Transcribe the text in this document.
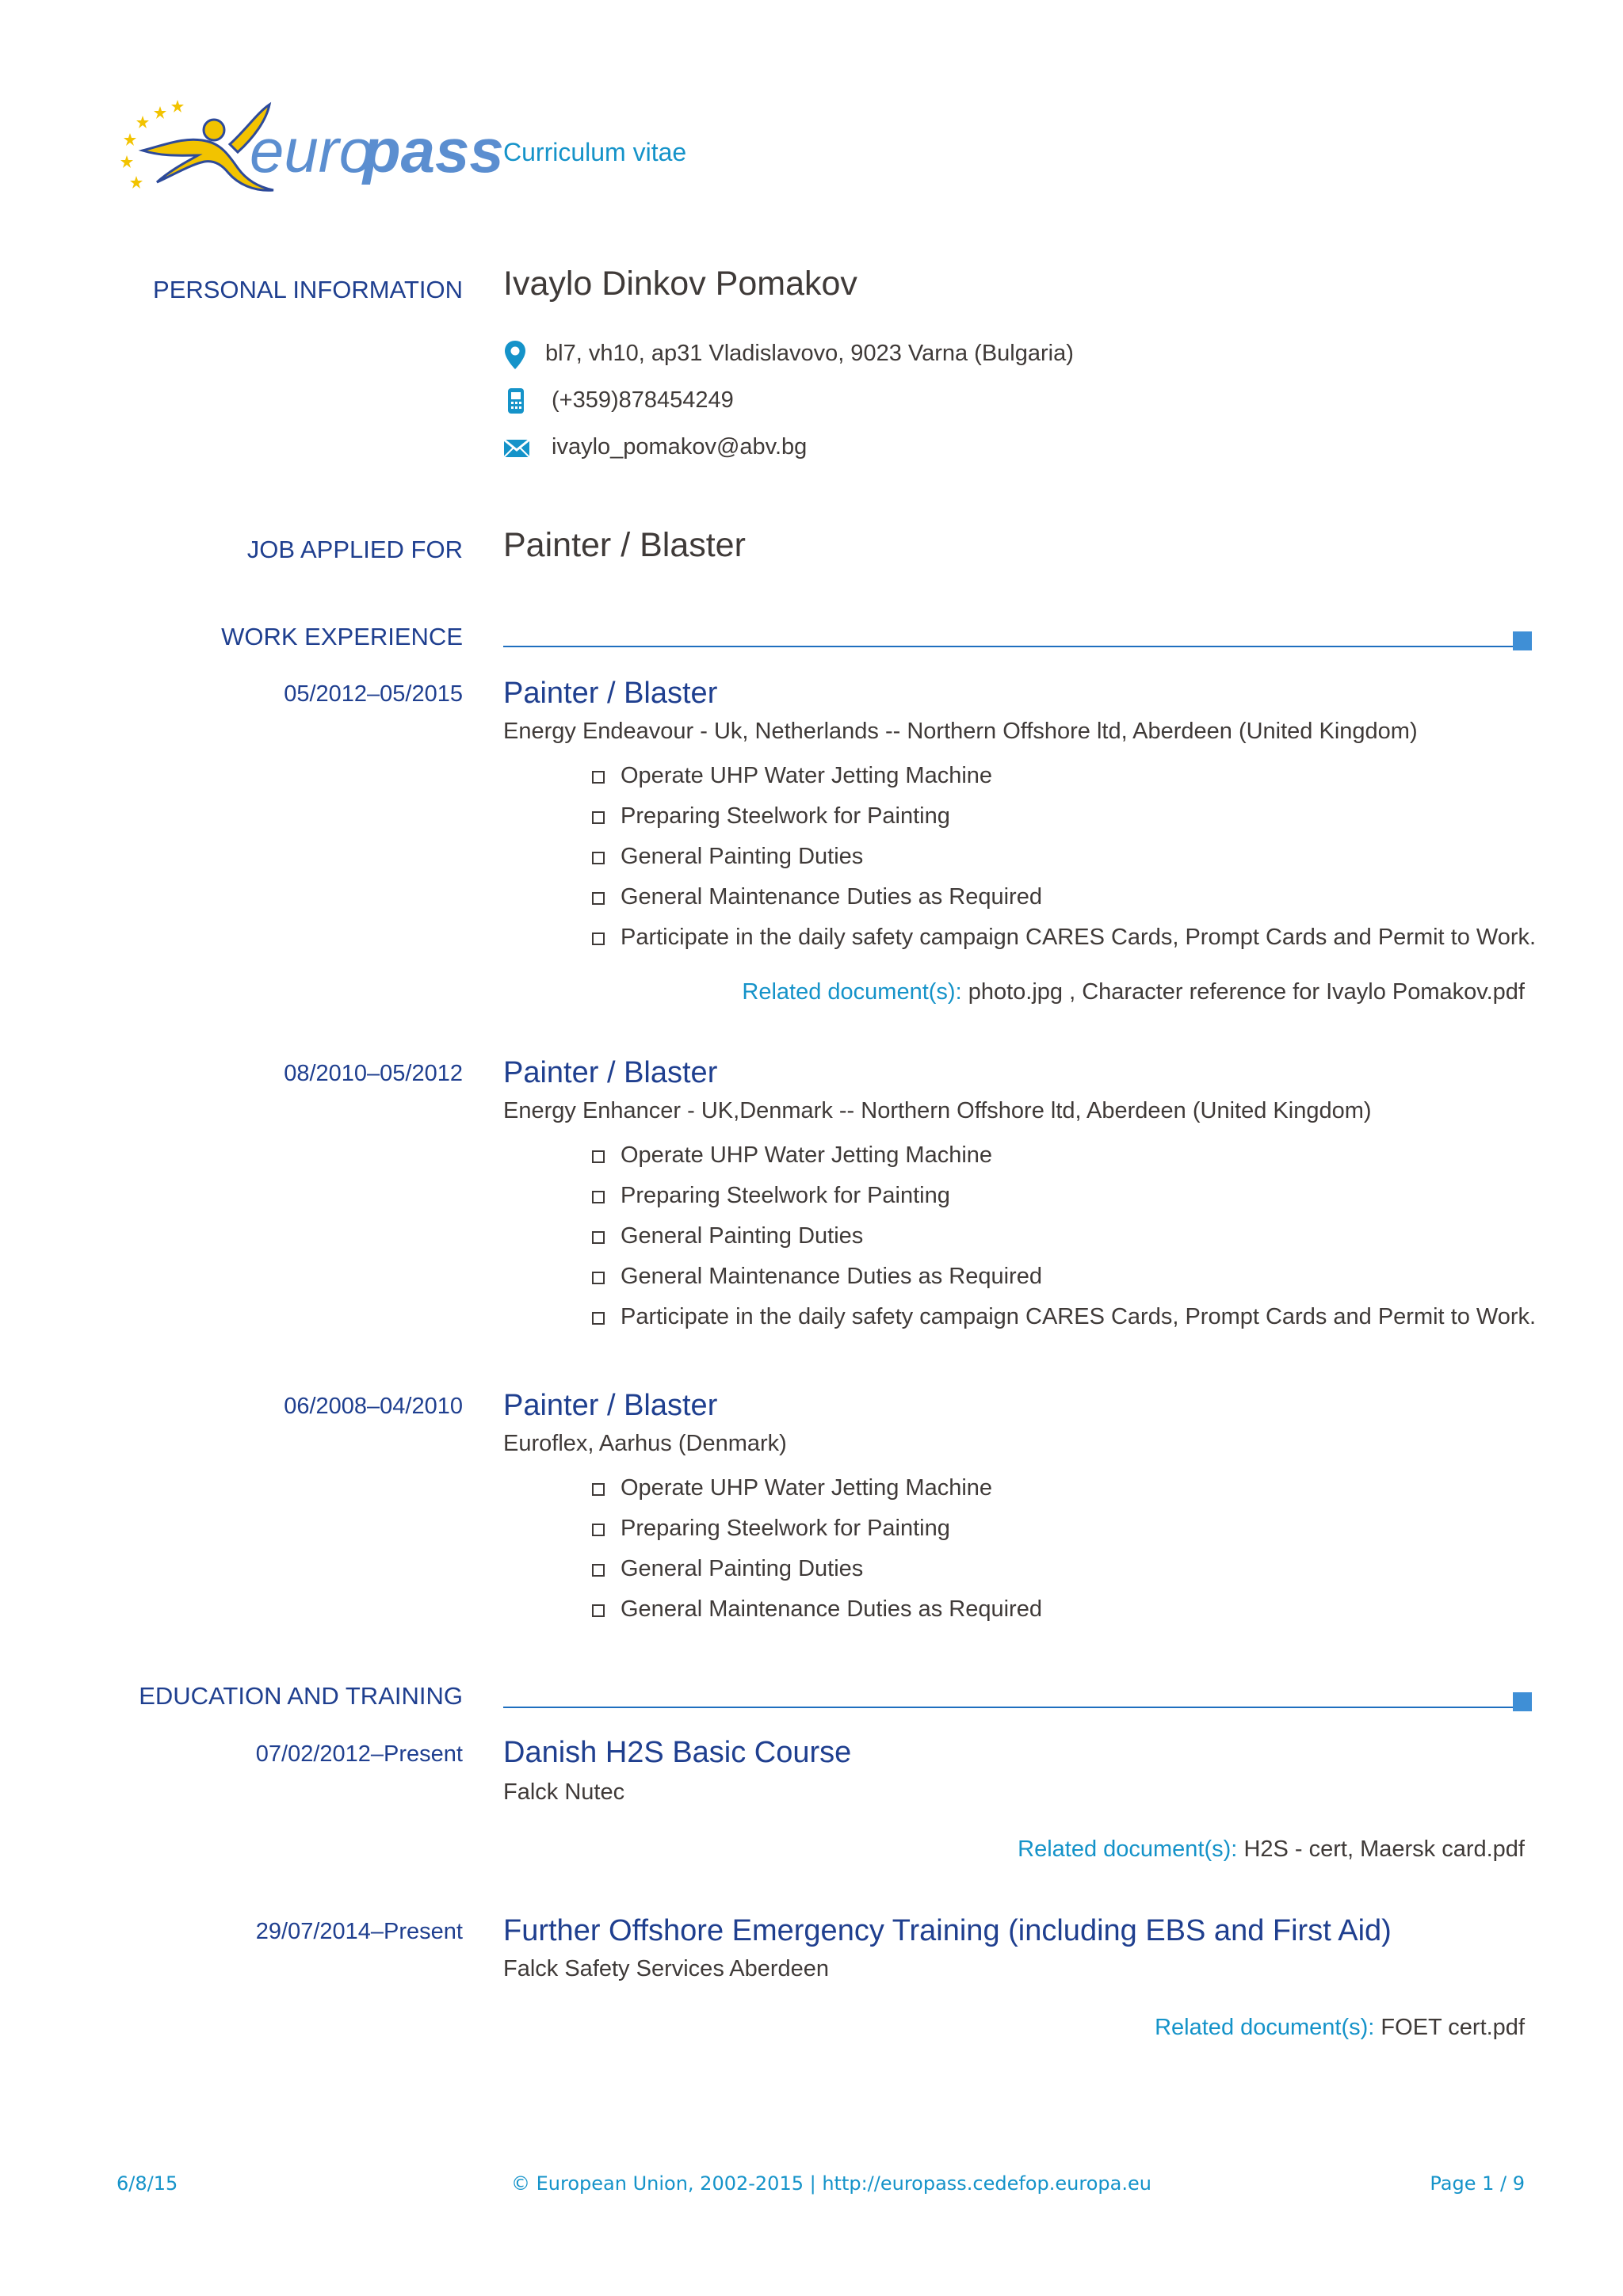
euro
pass Curriculum vitae
PERSONAL INFORMATION Ivaylo Dinkov Pomakov
bl7, vh10, ap31 Vladislavovo, 9023 Varna (Bulgaria)
(+359)878454249
ivaylo_pomakov@abv.bg
JOB APPLIED FOR Painter / Blaster
WORK EXPERIENCE
05/2012–05/2015 Painter / Blaster
Energy Endeavour - Uk, Netherlands -- Northern Offshore ltd, Aberdeen (United Kingdom)
Operate UHP Water Jetting Machine
Preparing Steelwork for Painting
General Painting Duties
General Maintenance Duties as Required
Participate in the daily safety campaign CARES Cards, Prompt Cards and Permit to Work.
Related document(s): photo.jpg , Character reference for Ivaylo Pomakov.pdf
08/2010–05/2012 Painter / Blaster
Energy Enhancer - UK,Denmark -- Northern Offshore ltd, Aberdeen (United Kingdom)
Operate UHP Water Jetting Machine
Preparing Steelwork for Painting
General Painting Duties
General Maintenance Duties as Required
Participate in the daily safety campaign CARES Cards, Prompt Cards and Permit to Work.
06/2008–04/2010 Painter / Blaster
Euroflex, Aarhus (Denmark)
Operate UHP Water Jetting Machine
Preparing Steelwork for Painting
General Painting Duties
General Maintenance Duties as Required
EDUCATION AND TRAINING
07/02/2012–Present Danish H2S Basic Course
Falck Nutec
Related document(s): H2S - cert, Maersk card.pdf
29/07/2014–Present Further Offshore Emergency Training (including EBS and First Aid)
Falck Safety Services Aberdeen
Related document(s): FOET cert.pdf
6/8/15	© European Union, 2002-2015 | http://europass.cedefop.europa.eu	Page 1 / 9
